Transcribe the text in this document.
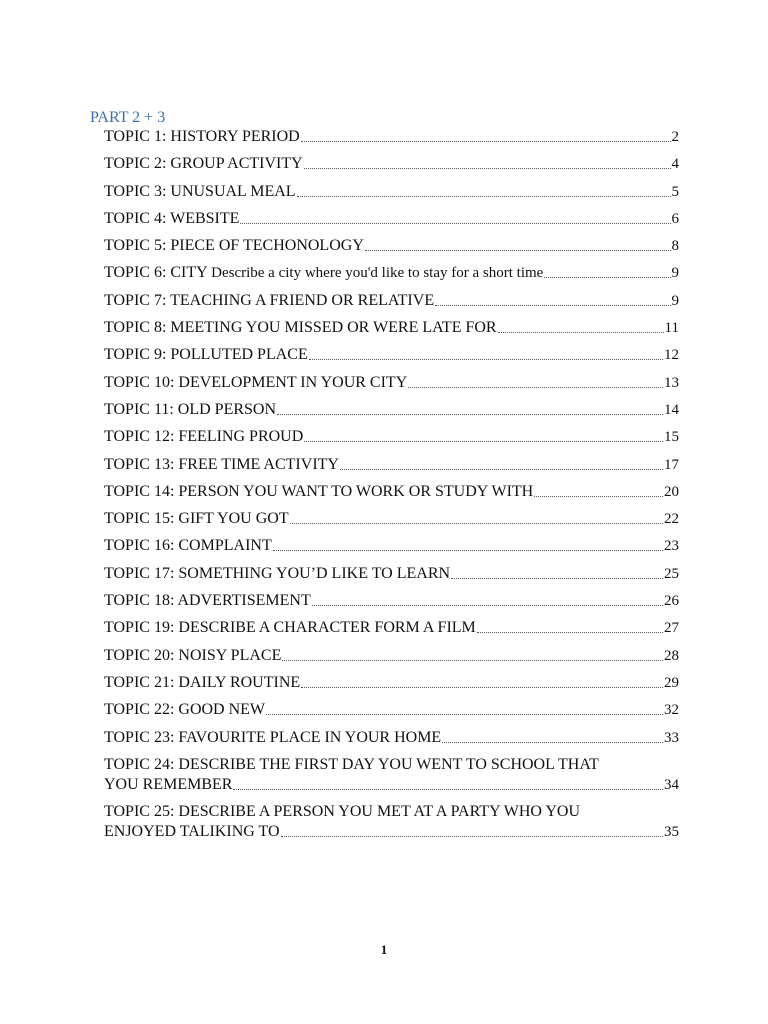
PART 2 + 3
TOPIC 1: HISTORY PERIOD	2
TOPIC 2: GROUP ACTIVITY	4
TOPIC 3: UNUSUAL MEAL	5
TOPIC 4: WEBSITE	6
TOPIC 5: PIECE OF TECHONOLOGY	8
TOPIC 6: CITY Describe a city where you'd like to stay for a short time	9
TOPIC 7: TEACHING A FRIEND OR RELATIVE	9
TOPIC 8: MEETING YOU MISSED OR WERE LATE FOR	11
TOPIC 9: POLLUTED PLACE	12
TOPIC 10: DEVELOPMENT IN YOUR CITY	13
TOPIC 11: OLD PERSON	14
TOPIC 12: FEELING PROUD	15
TOPIC 13: FREE TIME ACTIVITY	17
TOPIC 14: PERSON YOU WANT TO WORK OR STUDY WITH	20
TOPIC 15: GIFT YOU GOT	22
TOPIC 16: COMPLAINT	23
TOPIC 17: SOMETHING YOU’D LIKE TO LEARN	25
TOPIC 18: ADVERTISEMENT	26
TOPIC 19: DESCRIBE A CHARACTER FORM A FILM	27
TOPIC 20: NOISY PLACE	28
TOPIC 21: DAILY ROUTINE	29
TOPIC 22: GOOD NEW	32
TOPIC 23: FAVOURITE PLACE IN YOUR HOME	33
TOPIC 24: DESCRIBE THE FIRST DAY YOU WENT TO SCHOOL THAT
YOU REMEMBER	34
TOPIC 25: DESCRIBE A PERSON YOU MET AT A PARTY WHO YOU
ENJOYED TALIKING TO	35

1
